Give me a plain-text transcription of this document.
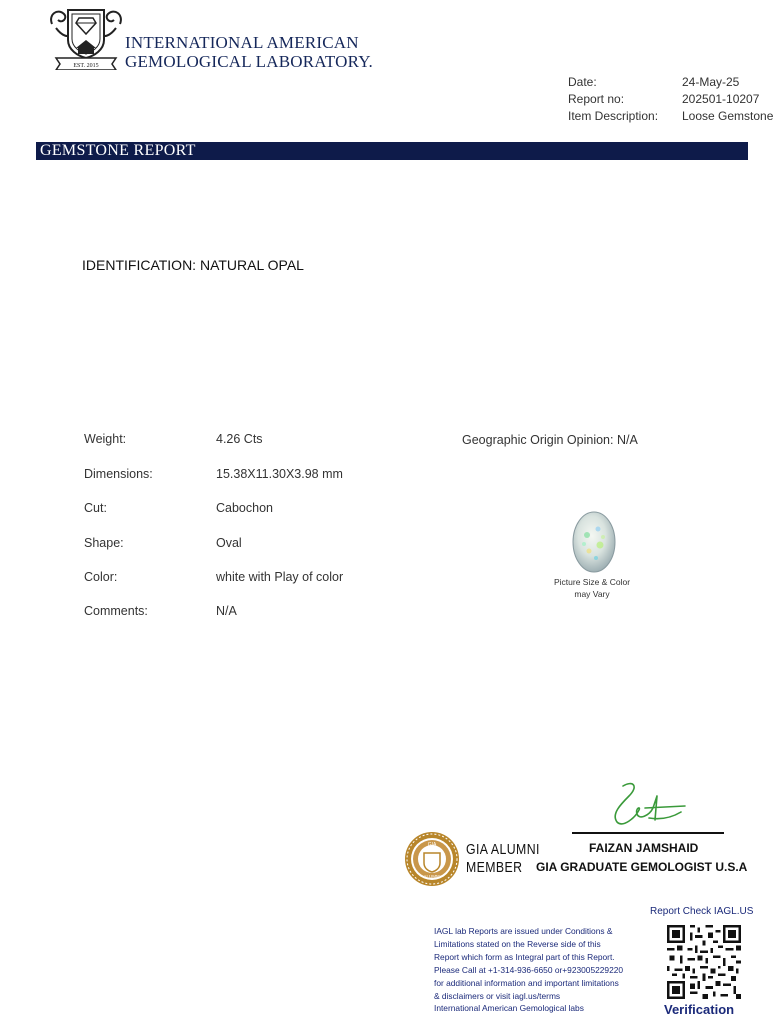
EST. 2015
INTERNATIONAL AMERICAN
GEMOLOGICAL LABORATORY.
Date:	24-May-25
Report no:	202501-10207
Item Description:	Loose Gemstone
GEMSTONE REPORT
IDENTIFICATION: NATURAL OPAL
Weight:	4.26 Cts
Dimensions:	15.38X11.30X3.98 mm
Cut:	Cabochon
Shape:	Oval
Color:	white with Play of color
Comments:	N/A
Geographic Origin Opinion: N/A
Picture Size & Color
may Vary
FAIZAN JAMSHAID
GIA GRADUATE GEMOLOGIST U.S.A
GIA
ALUMNI
GIA ALUMNI
MEMBER
IAGL lab Reports are issued under Conditions &
Limitations stated on the Reverse side of this
Report which form as Integral part of this Report.
Please Call at +1-314-936-6650 or+923005229220
for additional information and important limitations
& disclaimers or visit iagl.us/terms
International American Gemological labs
Report Check IAGL.US
Verification
